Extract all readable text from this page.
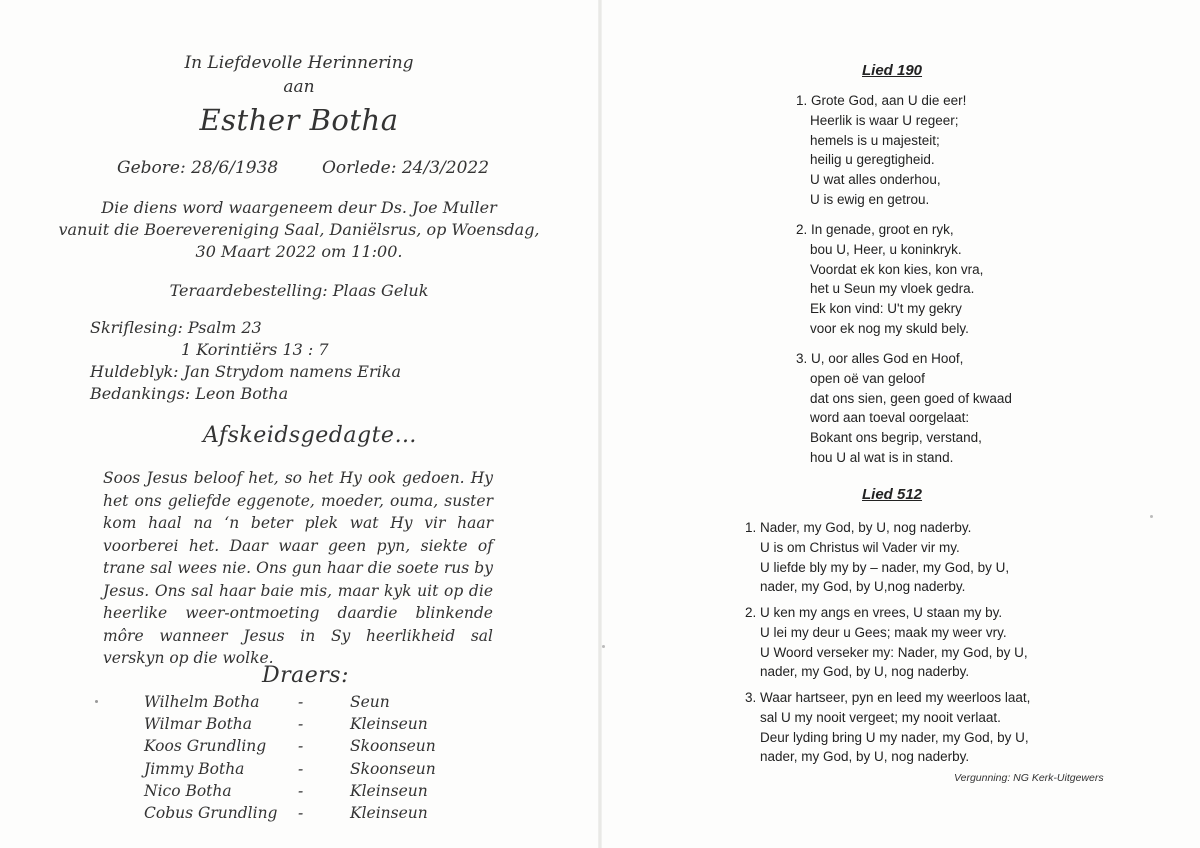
In Liefdevolle Herinnering
aan
Esther Botha
Gebore: 28/6/1938	Oorlede: 24/3/2022
Die diens word waargeneem deur Ds. Joe Muller
vanuit die Boerevereniging Saal, Daniëlsrus, op Woensdag,
30 Maart 2022 om 11:00.
Teraardebestelling: Plaas Geluk
Skriflesing: Psalm 23
1 Korintiërs 13 : 7
Huldeblyk: Jan Strydom namens Erika
Bedankings: Leon Botha
Afskeidsgedagte…
Soos Jesus beloof het, so het Hy ook gedoen. Hy het ons geliefde eggenote, moeder, ouma, suster kom haal na ‘n beter plek wat Hy vir haar voorberei het. Daar waar geen pyn, siekte of trane sal wees nie. Ons gun haar die soete rus by Jesus. Ons sal haar baie mis, maar kyk uit op die heerlike weer-ontmoeting daardie blinkende môre wanneer Jesus in Sy heerlikheid sal verskyn op die wolke.
Draers:
Wilhelm Botha -	Seun
Wilmar Botha	-	Kleinseun
Koos Grundling -	Skoonseun
Jimmy Botha	-	Skoonseun
Nico Botha	-	Kleinseun
Cobus Grundling -	Kleinseun
Lied 190
1. Grote God, aan U die eer!
Heerlik is waar U regeer;
hemels is u majesteit;
heilig u geregtigheid.
U wat alles onderhou,
U is ewig en getrou.
2. In genade, groot en ryk,
bou U, Heer, u koninkryk.
Voordat ek kon kies, kon vra,
het u Seun my vloek gedra.
Ek kon vind: U't my gekry
voor ek nog my skuld bely.
3. U, oor alles God en Hoof,
open oë van geloof
dat ons sien, geen goed of kwaad
word aan toeval oorgelaat:
Bokant ons begrip, verstand,
hou U al wat is in stand.
Lied 512
1. Nader, my God, by U, nog naderby.
U is om Christus wil Vader vir my.
U liefde bly my by – nader, my God, by U,
nader, my God, by U,nog naderby.
2. U ken my angs en vrees, U staan my by.
U lei my deur u Gees; maak my weer vry.
U Woord verseker my: Nader, my God, by U,
nader, my God, by U, nog naderby.
3. Waar hartseer, pyn en leed my weerloos laat,
sal U my nooit vergeet; my nooit verlaat.
Deur lyding bring U my nader, my God, by U,
nader, my God, by U, nog naderby.
Vergunning: NG Kerk-Uitgewers
